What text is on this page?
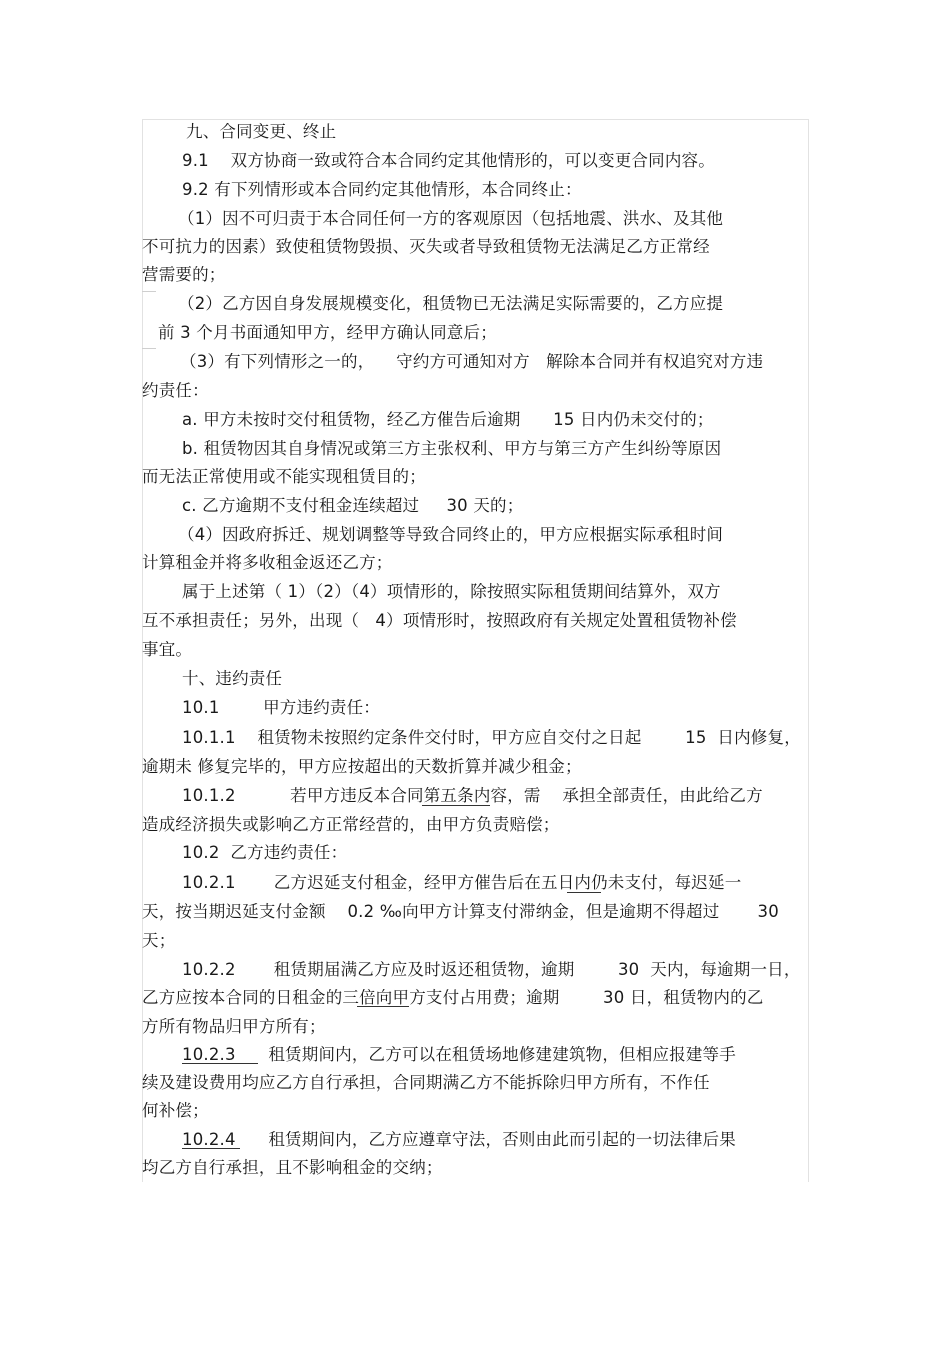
九、合同变更、终止
9.1    双方协商一致或符合本合同约定其他情形的，可以变更合同内容。
9.2 有下列情形或本合同约定其他情形，本合同终止：
（1）因不可归责于本合同任何一方的客观原因（包括地震、洪水、及其他
不可抗力的因素）致使租赁物毁损、灭失或者导致租赁物无法满足乙方正常经
营需要的；
（2）乙方因自身发展规模变化，租赁物已无法满足实际需要的，乙方应提
前 3 个月书面通知甲方，经甲方确认同意后；
（3）有下列情形之一的，    守约方可通知对方   解除本合同并有权追究对方违
约责任：
a. 甲方未按时交付租赁物，经乙方催告后逾期      15 日内仍未交付的；
b. 租赁物因其自身情况或第三方主张权利、甲方与第三方产生纠纷等原因
而无法正常使用或不能实现租赁目的；
c. 乙方逾期不支付租金连续超过     30 天的；
（4）因政府拆迁、规划调整等导致合同终止的，甲方应根据实际承租时间
计算租金并将多收租金返还乙方；
属于上述第（ 1）（2）（4）项情形的，除按照实际租赁期间结算外，双方
互不承担责任；另外，出现（   4）项情形时，按照政府有关规定处置租赁物补偿
事宜。
十、违约责任
10.1        甲方违约责任：
10.1.1    租赁物未按照约定条件交付时，甲方应自交付之日起        15  日内修复，
逾期未 修复完毕的，甲方应按超出的天数折算并减少租金；
10.1.2          若甲方违反本合同第五条内容，需    承担全部责任，由此给乙方
造成经济损失或影响乙方正常经营的，由甲方负责赔偿；
10.2  乙方违约责任：
10.2.1       乙方迟延支付租金，经甲方催告后在五日内仍未支付，每迟延一
天，按当期迟延支付金额    0.2 ‰向甲方计算支付滞纳金，但是逾期不得超过       30
天；
10.2.2       租赁期届满乙方应及时返还租赁物，逾期        30  天内，每逾期一日，
乙方应按本合同的日租金的三倍向甲方支付占用费；逾期        30 日，租赁物内的乙
方所有物品归甲方所有；
10.2.3      租赁期间内，乙方可以在租赁场地修建建筑物，但相应报建等手
续及建设费用均应乙方自行承担，合同期满乙方不能拆除归甲方所有，不作任
何补偿；
10.2.4      租赁期间内，乙方应遵章守法，否则由此而引起的一切法律后果
均乙方自行承担，且不影响租金的交纳；
